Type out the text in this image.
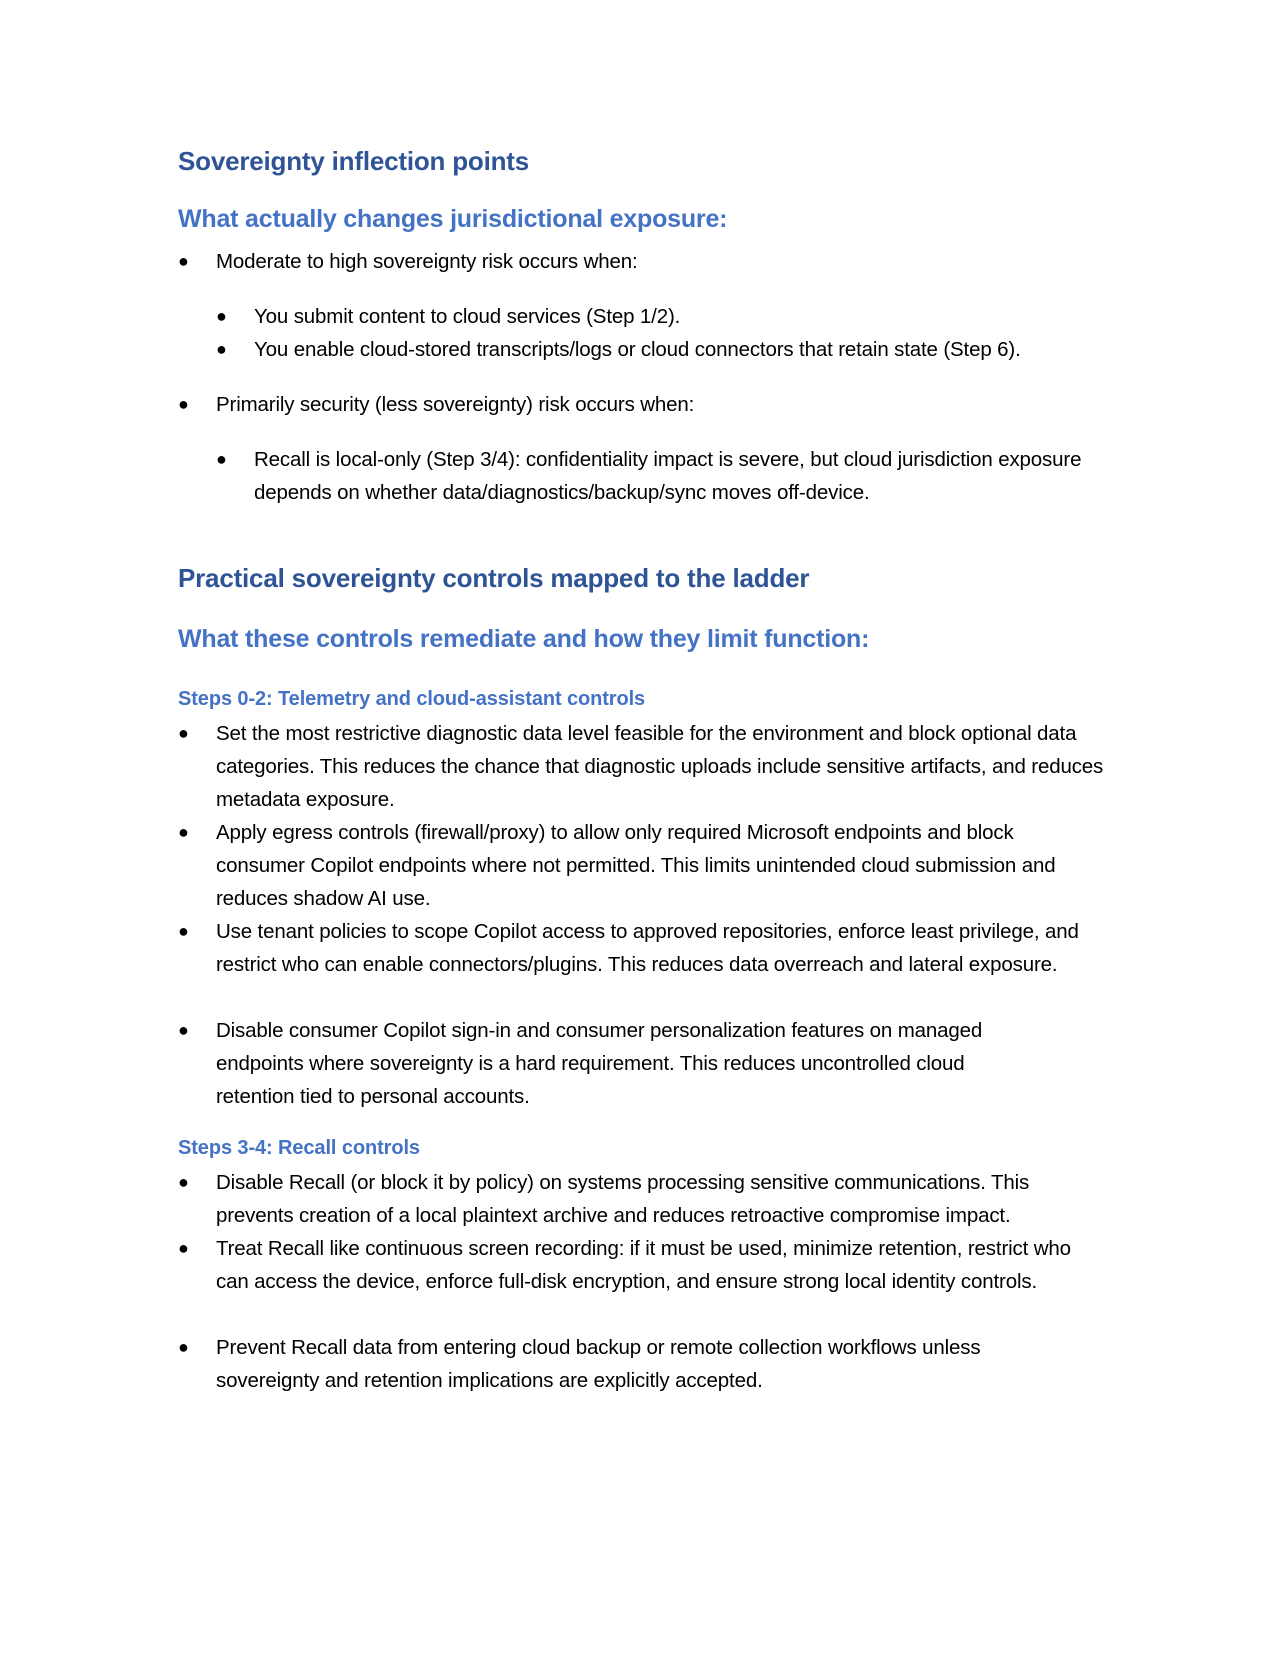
Sovereignty inflection points
What actually changes jurisdictional exposure:
● Moderate to high sovereignty risk occurs when:
● You submit content to cloud services (Step 1/2).
● You enable cloud-stored transcripts/logs or cloud connectors that retain state (Step 6).
● Primarily security (less sovereignty) risk occurs when:
● Recall is local-only (Step 3/4): confidentiality impact is severe, but cloud jurisdiction exposure depends on whether data/diagnostics/backup/sync moves off-device.
Practical sovereignty controls mapped to the ladder
What these controls remediate and how they limit function:
Steps 0-2: Telemetry and cloud-assistant controls
● Set the most restrictive diagnostic data level feasible for the environment and block optional data categories. This reduces the chance that diagnostic uploads include sensitive artifacts, and reduces metadata exposure.
● Apply egress controls (firewall/proxy) to allow only required Microsoft endpoints and block consumer Copilot endpoints where not permitted. This limits unintended cloud submission and reduces shadow AI use.
● Use tenant policies to scope Copilot access to approved repositories, enforce least privilege, and restrict who can enable connectors/plugins. This reduces data overreach and lateral exposure.
● Disable consumer Copilot sign-in and consumer personalization features on managed endpoints where sovereignty is a hard requirement. This reduces uncontrolled cloud retention tied to personal accounts.
Steps 3-4: Recall controls
● Disable Recall (or block it by policy) on systems processing sensitive communications. This prevents creation of a local plaintext archive and reduces retroactive compromise impact.
● Treat Recall like continuous screen recording: if it must be used, minimize retention, restrict who can access the device, enforce full-disk encryption, and ensure strong local identity controls.
● Prevent Recall data from entering cloud backup or remote collection workflows unless sovereignty and retention implications are explicitly accepted.
